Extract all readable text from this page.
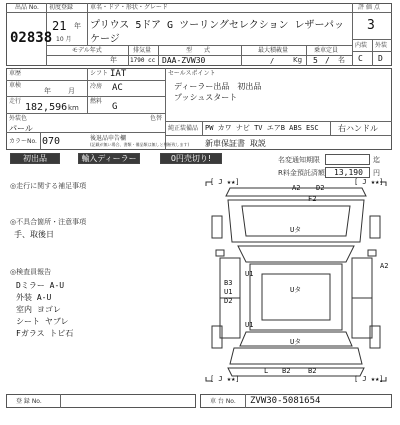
出品 No.
02838
初度登録
21 年
10 月
車名・ドア・形状・グレード
プリウス 5ドア G ツーリングセレクション レザーパッ
ケージ
モデル年式
年
排気量
1790 cc
型　　式
DAA-ZVW30
最大積載量
/	Kg
乗車定員
5 / 名
評 価 点
3
内装 外装
C D
車歴	シフト IAT
車検
年 月
冷房 AC
走行
182,596 km
燃料
G
外装色	色替
パール
カラーNo. 070	後退品申告欄
(記載が無い場合、書類・備品類は無しと判断致します)
セールスポイント
ディーラー出品　初出品
プッシュスタート
純正装備品 PW カワ ナビ TV エアB ABS ESC 右ハンドル
新車保証書 取説
初出品	輸入ディーラー	0円売切り!	名変通知期限	迄
R料金預託済額 13,190 円
◎走行に関する補足事項
◎不具合箇所・注意事項
手、取後日
◎検査員報告
Dミラー A-U
外装 A-U
室内 ヨゴレ
シート ヤブレ
Fガラス トビ石
[ J ★★]	[ J ★★]
A2 D2
F2
Uタ
U1
Uタ
B3
U1
D2
A2
U1
Uタ
L B2	B2
[ J ★★]	[ J ★★]
登 録 No.	車 台 No. ZVW30-5081654
